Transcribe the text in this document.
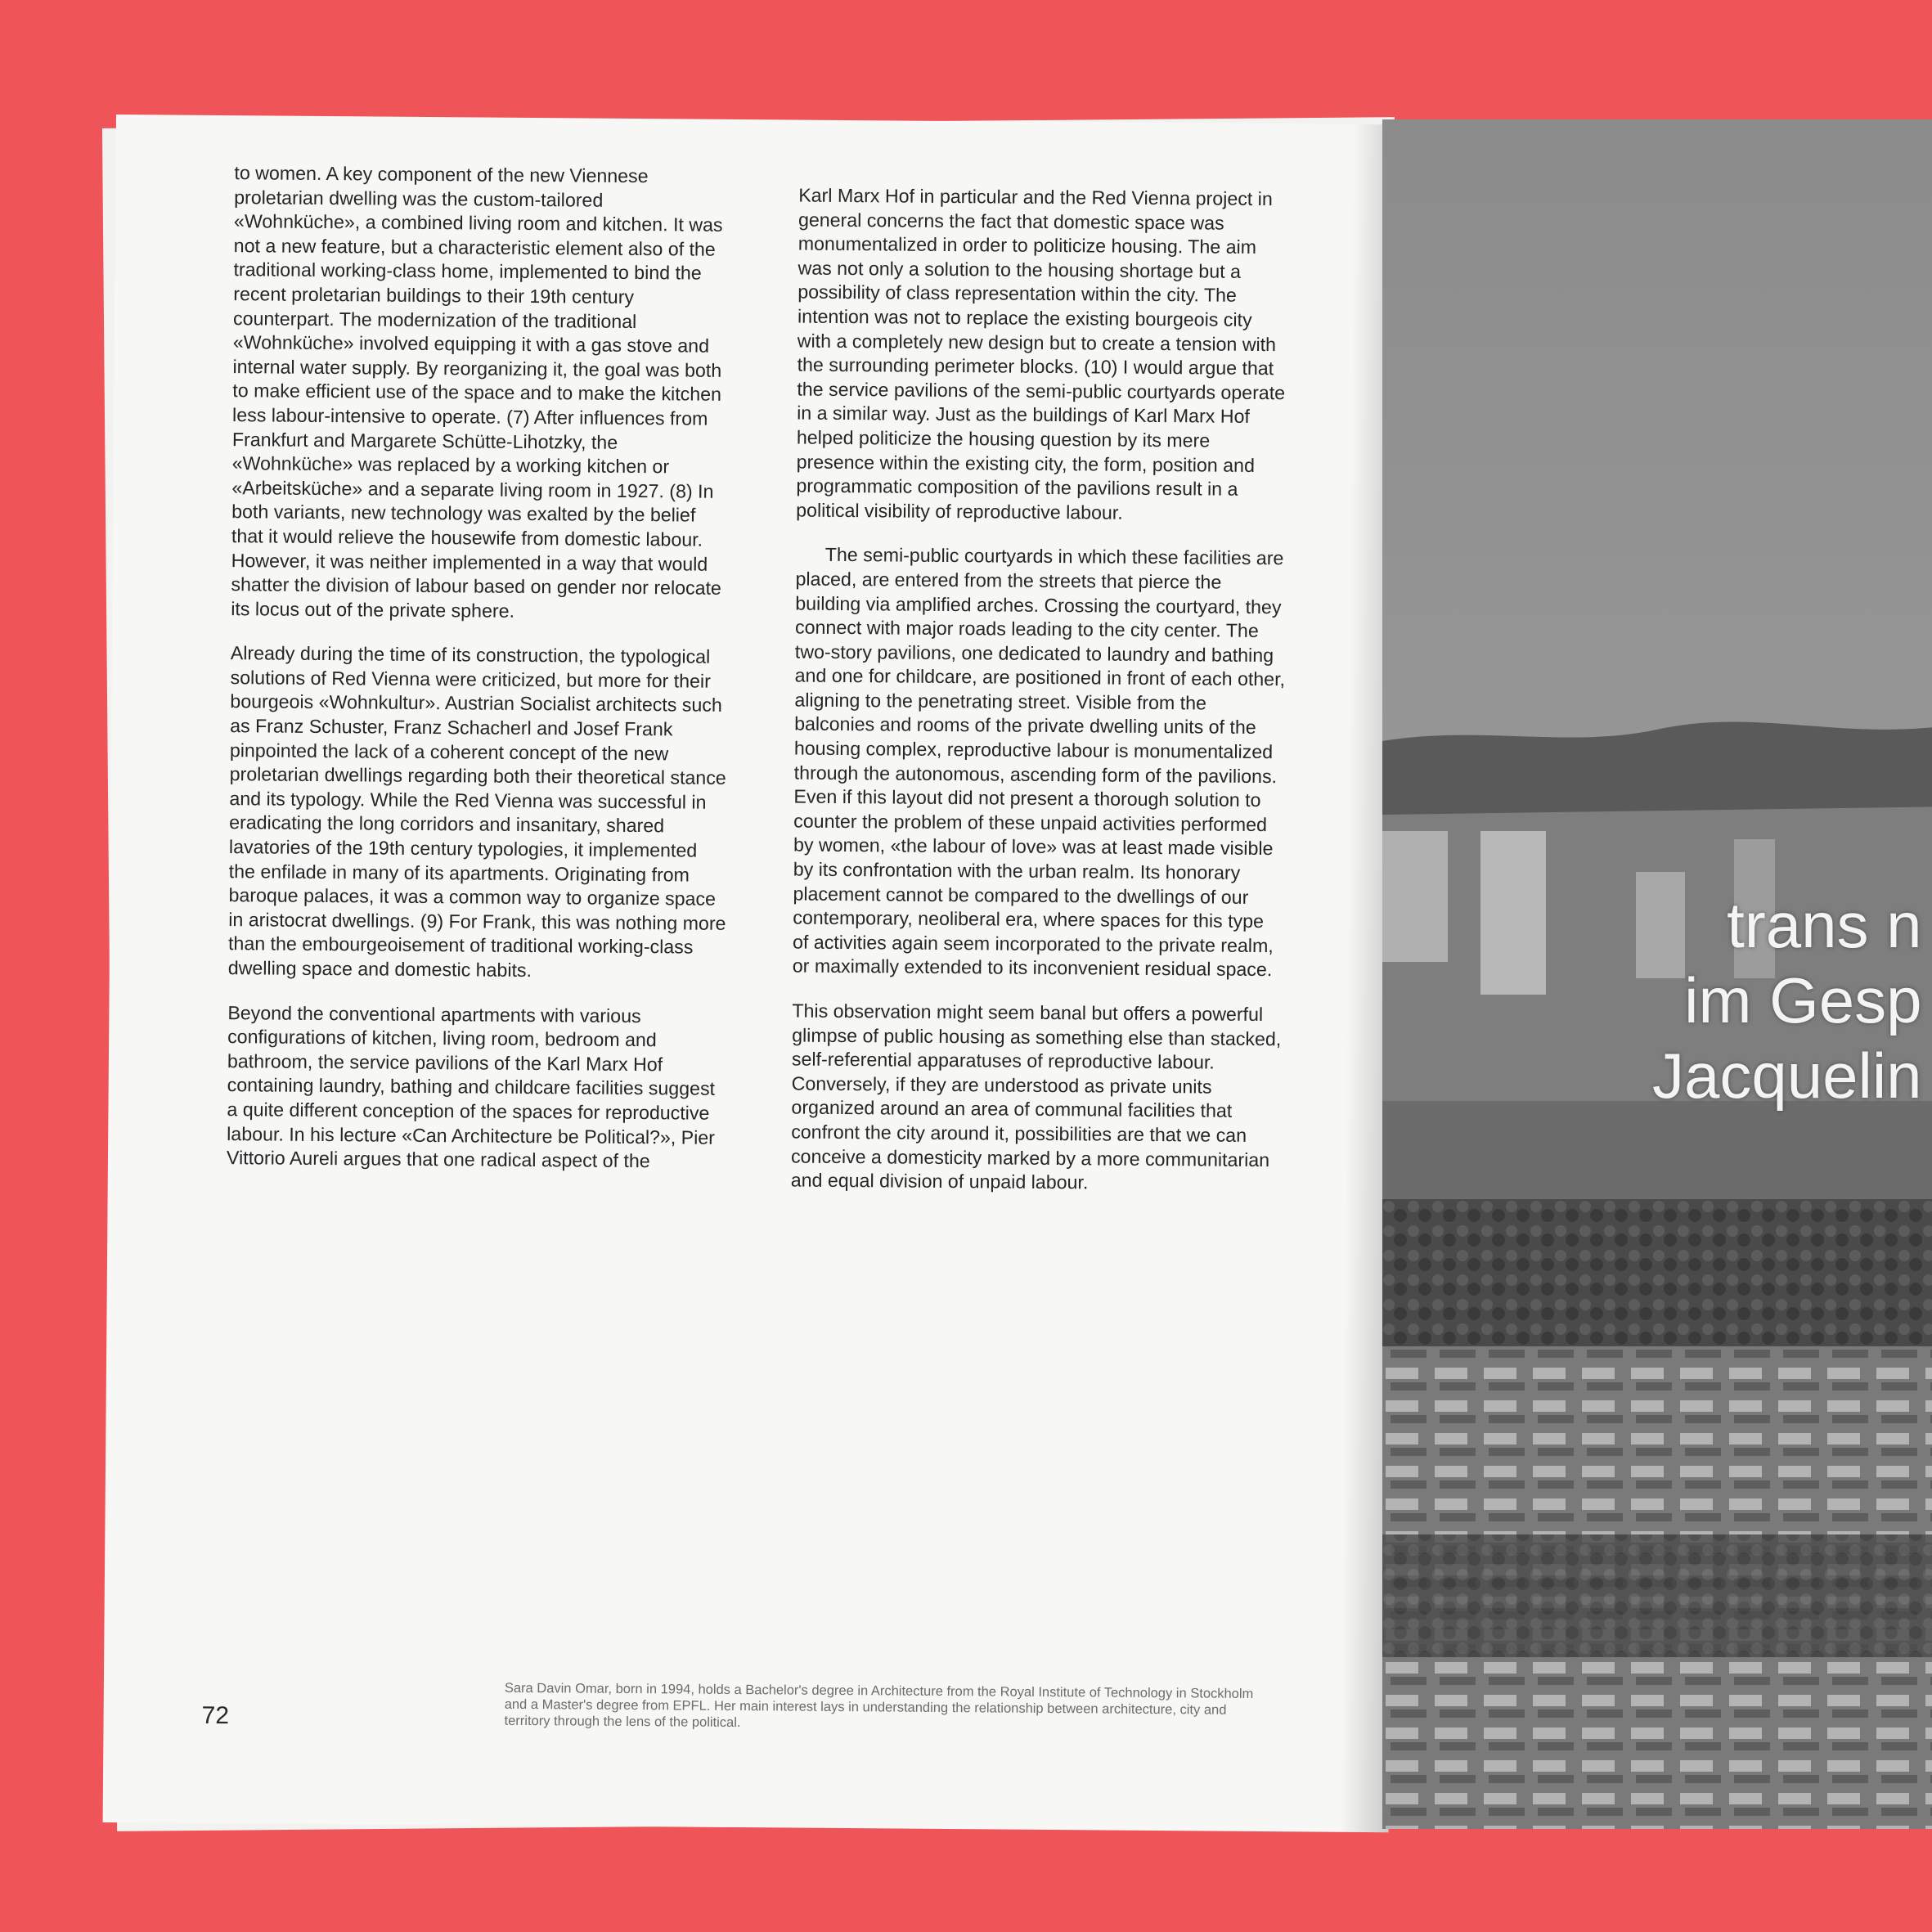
to women. A key component of the new Viennese proletarian dwelling was the custom-tailored «Wohnküche», a combined living room and kitchen. It was not a new feature, but a characteristic element also of the traditional working-class home, implemented to bind the recent proletarian buildings to their 19th century counterpart. The modernization of the traditional «Wohnküche» involved equipping it with a gas stove and internal water supply. By reorganizing it, the goal was both to make efficient use of the space and to make the kitchen less labour-intensive to operate. (7) After influences from Frankfurt and Margarete Schütte-Lihotzky, the «Wohnküche» was replaced by a working kitchen or «Arbeitsküche» and a separate living room in 1927. (8) In both variants, new technology was exalted by the belief that it would relieve the housewife from domestic labour. However, it was neither implemented in a way that would shatter the division of labour based on gender nor relocate its locus out of the private sphere.

Already during the time of its construction, the typological solutions of Red Vienna were criticized, but more for their bourgeois «Wohnkultur». Austrian Socialist architects such as Franz Schuster, Franz Schacherl and Josef Frank pinpointed the lack of a coherent concept of the new proletarian dwellings regarding both their theoretical stance and its typology. While the Red Vienna was successful in eradicating the long corridors and insanitary, shared lavatories of the 19th century typologies, it implemented the enfilade in many of its apartments. Originating from baroque palaces, it was a common way to organize space in aristocrat dwellings. (9) For Frank, this was nothing more than the embourgeoisement of traditional working-class dwelling space and domestic habits.

Beyond the conventional apartments with various configurations of kitchen, living room, bedroom and bathroom, the service pavilions of the Karl Marx Hof containing laundry, bathing and childcare facilities suggest a quite different conception of the spaces for reproductive labour. In his lecture «Can Architecture be Political?», Pier Vittorio Aureli argues that one radical aspect of the

Karl Marx Hof in particular and the Red Vienna project in general concerns the fact that domestic space was monumentalized in order to politicize housing. The aim was not only a solution to the housing shortage but a possibility of class representation within the city. The intention was not to replace the existing bourgeois city with a completely new design but to create a tension with the surrounding perimeter blocks. (10) I would argue that the service pavilions of the semi-public courtyards operate in a similar way. Just as the buildings of Karl Marx Hof helped politicize the housing question by its mere presence within the existing city, the form, position and programmatic composition of the pavilions result in a political visibility of reproductive labour.

The semi-public courtyards in which these facilities are placed, are entered from the streets that pierce the building via amplified arches. Crossing the courtyard, they connect with major roads leading to the city center. The two-story pavilions, one dedicated to laundry and bathing and one for childcare, are positioned in front of each other, aligning to the penetrating street. Visible from the balconies and rooms of the private dwelling units of the housing complex, reproductive labour is monumentalized through the autonomous, ascending form of the pavilions. Even if this layout did not present a thorough solution to counter the problem of these unpaid activities performed by women, «the labour of love» was at least made visible by its confrontation with the urban realm. Its honorary placement cannot be compared to the dwellings of our contemporary, neoliberal era, where spaces for this type of activities again seem incorporated to the private realm, or maximally extended to its inconvenient residual space.

This observation might seem banal but offers a powerful glimpse of public housing as something else than stacked, self-referential apparatuses of reproductive labour. Conversely, if they are understood as private units organized around an area of communal facilities that confront the city around it, possibilities are that we can conceive a domesticity marked by a more communitarian and equal division of unpaid labour.

72
Sara Davin Omar, born in 1994, holds a Bachelor's degree in Architecture from the Royal Institute of Technology in Stockholm and a Master's degree from EPFL. Her main interest lays in understanding the relationship between architecture, city and territory through the lens of the political.
trans n
im Gesp
Jacquelin
